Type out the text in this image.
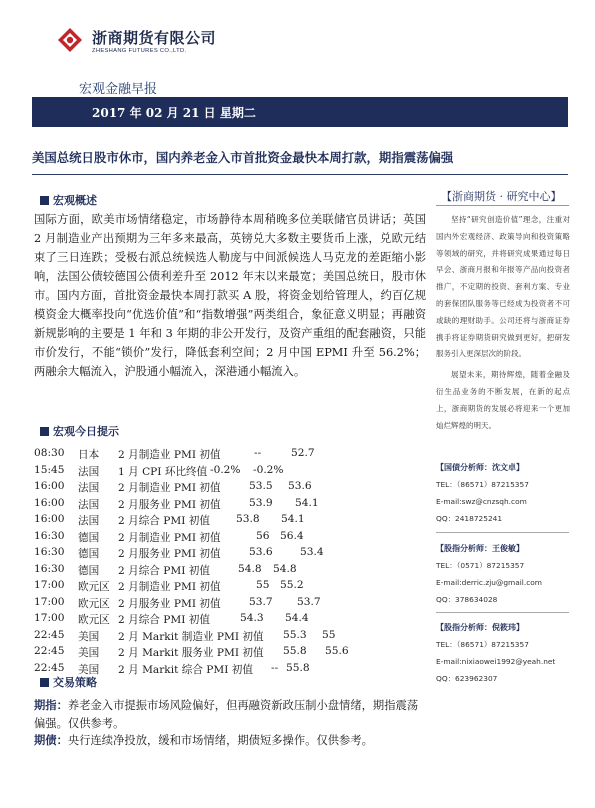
浙商期货有限公司
ZHESHANG FUTURES CO.,LTD.
宏观金融早报
2017 年 02 月 21 日 星期二
美国总统日股市休市，国内养老金入市首批资金最快本周打款，期指震荡偏强
宏观概述
国际方面，欧美市场情绪稳定，市场静待本周稍晚多位美联储官员讲话；英国 2 月制造业产出预期为三年多来最高，英镑兑大多数主要货币上涨，兑欧元结束了三日连跌；受极右派总统候选人勒庞与中间派候选人马克龙的差距缩小影响，法国公债较德国公债利差升至 2012 年末以来最宽；美国总统日，股市休市。国内方面，首批资金最快本周打款买 A 股，将资金划给管理人，约百亿规模资金大概率投向“优选价值”和“指数增强”两类组合，象征意义明显；再融资新规影响的主要是 1 年和 3 年期的非公开发行，及资产重组的配套融资，只能市价发行，不能“锁价”发行，降低套利空间；2 月中国 EPMI 升至 56.2%；两融余大幅流入，沪股通小幅流入，深港通小幅流入。
宏观今日提示
08:30 日本 2 月制造业 PMI 初值	--	52.7
15:45 法国 1 月 CPI 环比终值 -0.2% -0.2%
16:00 法国 2 月制造业 PMI 初值	53.5 53.6
16:00 法国 2 月服务业 PMI 初值	53.9 54.1
16:00 法国 2 月综合 PMI 初值 53.8 54.1
16:30 德国 2 月制造业 PMI 初值	56 56.4
16:30 德国 2 月服务业 PMI 初值	53.6	53.4
16:30 德国 2 月综合 PMI 初值	54.8 54.8
17:00 欧元区 2 月制造业 PMI 初值	55 55.2
17:00 欧元区 2 月服务业 PMI 初值	53.7 53.7
17:00 欧元区 2 月综合 PMI 初值	54.3 54.4
22:45 美国 2 月 Markit 制造业 PMI 初值 55.3 55
22:45 美国 2 月 Markit 服务业 PMI 初值 55.8 55.6
22:45 美国 2 月 Markit 综合 PMI 初值 -- 55.8
交易策略
期指：养老金入市提振市场风险偏好，但再融资新政压制小盘情绪，期指震荡偏强。仅供参考。
期债：央行连续净投放，缓和市场情绪，期债短多操作。仅供参考。
【浙商期货 · 研究中心】

坚持“研究创造价值”理念，注重对国内外宏观经济、政策导向和投资策略等领域的研究，并将研究成果通过每日早会、浙商月报和年报等产品向投资者推广，不定期的投资、套利方案、专业的套保团队服务等已经成为投资者不可或缺的理财助手。公司还将与浙商证券携手将证券期货研究做到更好，把研发服务引入更深层次的阶段。

展望未来，期待辉煌，随着金融及衍生品业务的不断发展，在新的起点上，浙商期货的发展必将迎来一个更加灿烂辉煌的明天。

【国债分析师：沈文卓】
TEL：（86571）87215357
E-mail:swz@cnzsqh.com
QQ：2418725241
【股指分析师：王俊敏】
TEL：（0571）87215357
E-mail:derric.zju@gmail.com
QQ：378634028
【股指分析师：倪筱玮】
TEL：（86571）87215357
E-mail:nixiaowei1992@yeah.net
QQ：623962307
